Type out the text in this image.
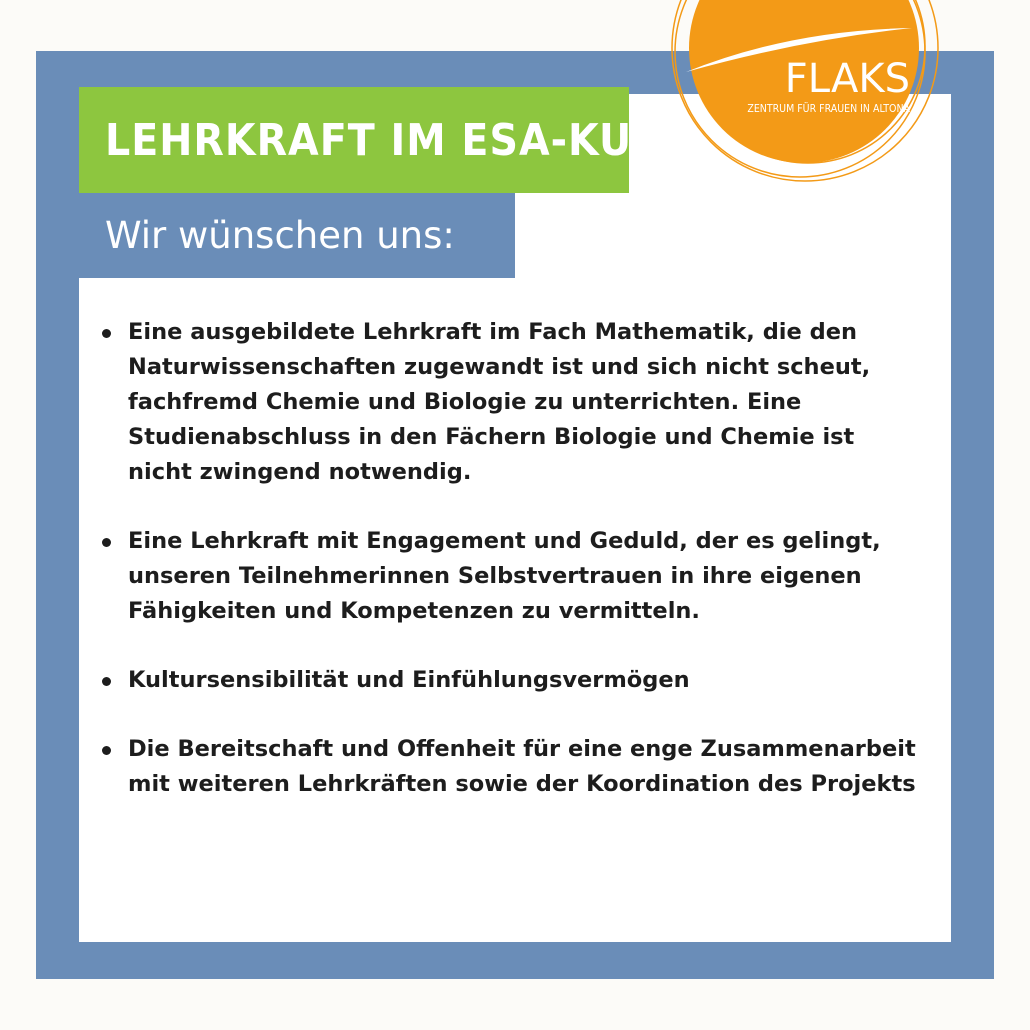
LEHRKRAFT IM ESA-KURS
Wir wünschen uns:
Eine ausgebildete Lehrkraft im Fach Mathematik, die den Naturwissenschaften zugewandt ist und sich nicht scheut, fachfremd Chemie und Biologie zu unterrichten. Eine Studienabschluss in den Fächern Biologie und Chemie ist nicht zwingend notwendig.
Eine Lehrkraft mit Engagement und Geduld, der es gelingt, unseren Teilnehmerinnen Selbstvertrauen in ihre eigenen Fähigkeiten und Kompetenzen zu vermitteln.
Kultursensibilität und Einfühlungsvermögen
Die Bereitschaft und Offenheit für eine enge Zusammenarbeit mit weiteren Lehrkräften sowie der Koordination des Projekts
FLAKS
ZENTRUM FÜR FRAUEN IN ALTONA
